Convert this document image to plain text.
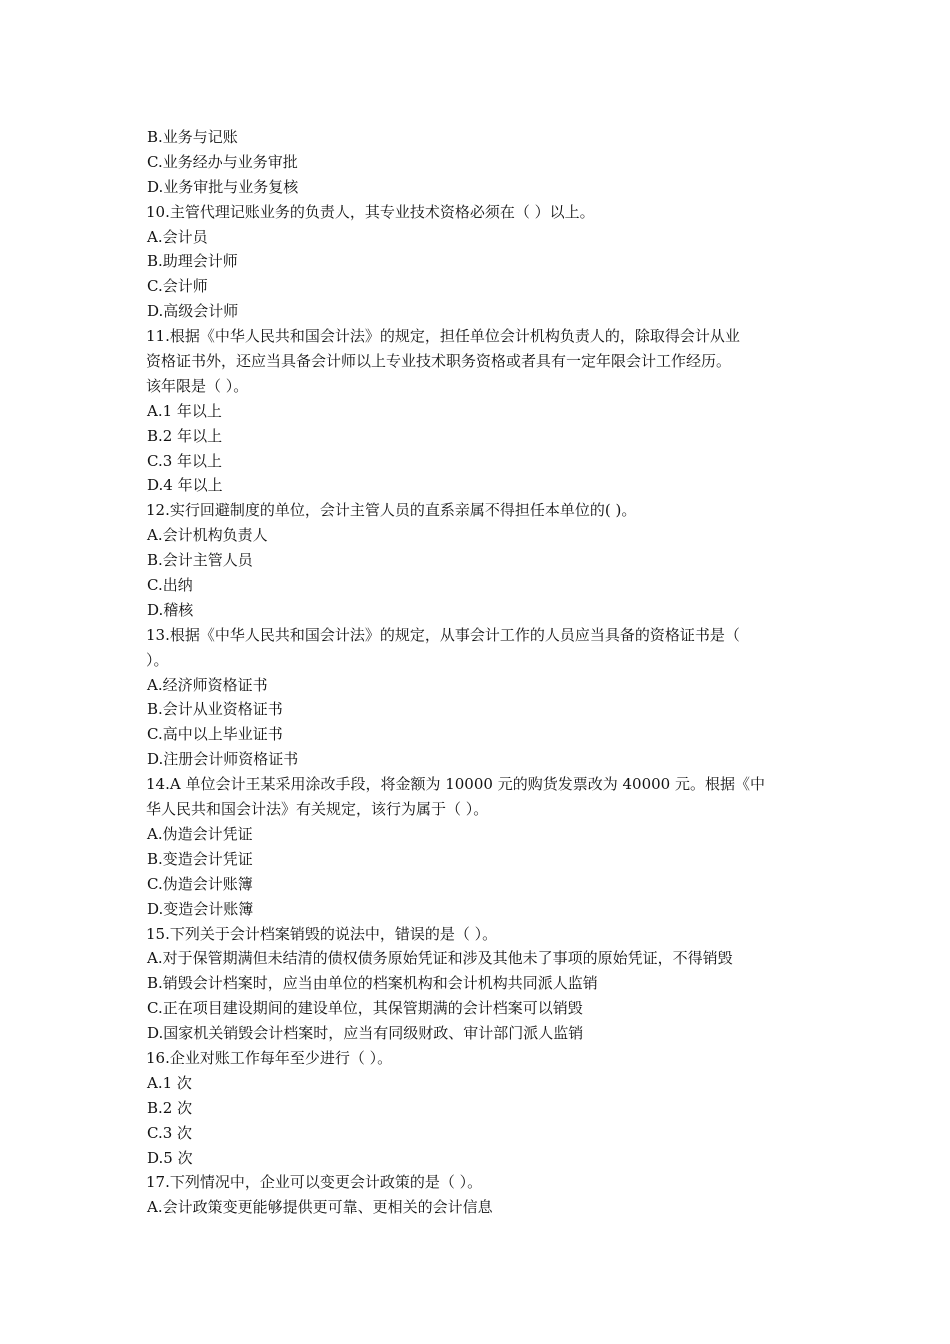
B.业务与记账
C.业务经办与业务审批
D.业务审批与业务复核
10.主管代理记账业务的负责人，其专业技术资格必须在（ ）以上。
A.会计员
B.助理会计师
C.会计师
D.高级会计师
11.根据《中华人民共和国会计法》的规定，担任单位会计机构负责人的，除取得会计从业
资格证书外，还应当具备会计师以上专业技术职务资格或者具有一定年限会计工作经历。
该年限是（ ）。
A.1 年以上
B.2 年以上
C.3 年以上
D.4 年以上
12.实行回避制度的单位，会计主管人员的直系亲属不得担任本单位的( )。
A.会计机构负责人
B.会计主管人员
C.出纳
D.稽核
13.根据《中华人民共和国会计法》的规定，从事会计工作的人员应当具备的资格证书是（
）。
A.经济师资格证书
B.会计从业资格证书
C.高中以上毕业证书
D.注册会计师资格证书
14.A 单位会计王某采用涂改手段，将金额为 10000 元的购货发票改为 40000 元。根据《中
华人民共和国会计法》有关规定，该行为属于（ ）。
A.伪造会计凭证
B.变造会计凭证
C.伪造会计账簿
D.变造会计账簿
15.下列关于会计档案销毁的说法中，错误的是（ ）。
A.对于保管期满但未结清的债权债务原始凭证和涉及其他未了事项的原始凭证，不得销毁
B.销毁会计档案时，应当由单位的档案机构和会计机构共同派人监销
C.正在项目建设期间的建设单位，其保管期满的会计档案可以销毁
D.国家机关销毁会计档案时，应当有同级财政、审计部门派人监销
16.企业对账工作每年至少进行（ ）。
A.1 次
B.2 次
C.3 次
D.5 次
17.下列情况中，企业可以变更会计政策的是（ ）。
A.会计政策变更能够提供更可靠、更相关的会计信息
